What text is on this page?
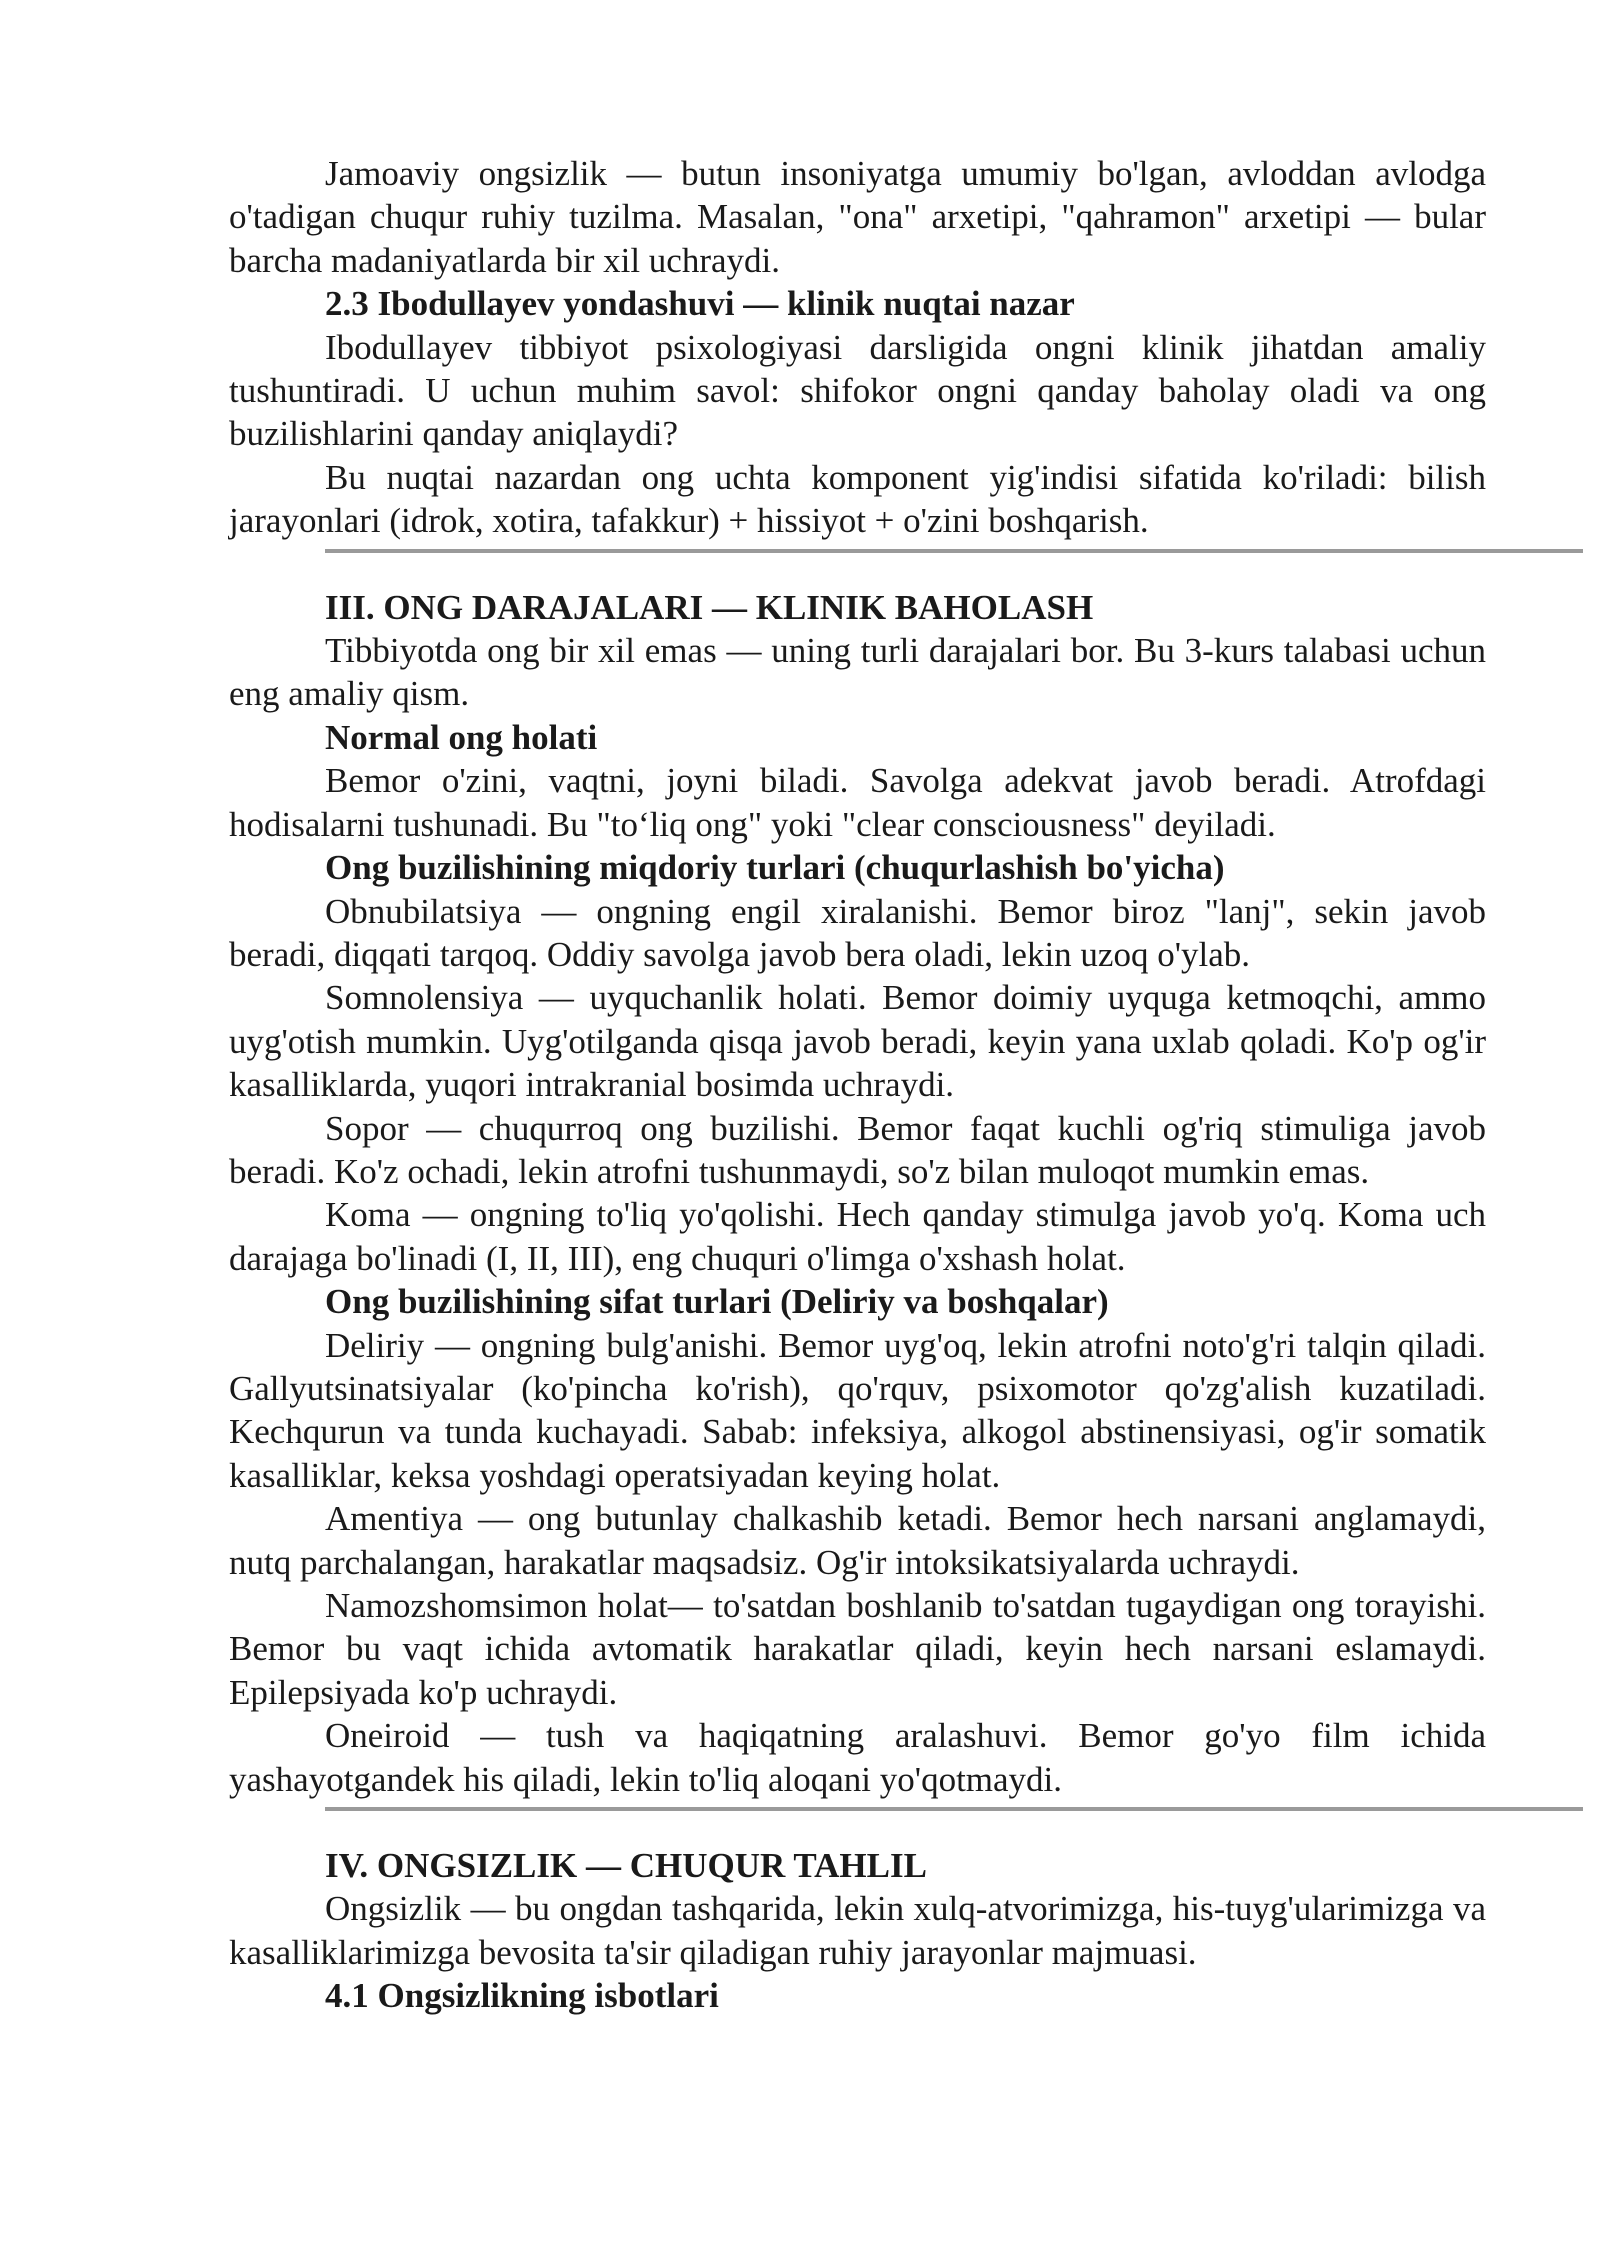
Jamoaviy ongsizlik — butun insoniyatga umumiy bo'lgan, avloddan avlodga o'tadigan chuqur ruhiy tuzilma. Masalan, "ona" arxetipi, "qahramon" arxetipi — bular barcha madaniyatlarda bir xil uchraydi.

2.3 Ibodullayev yondashuvi — klinik nuqtai nazar

Ibodullayev tibbiyot psixologiyasi darsligida ongni klinik jihatdan amaliy tushuntiradi. U uchun muhim savol: shifokor ongni qanday baholay oladi va ong buzilishlarini qanday aniqlaydi?

Bu nuqtai nazardan ong uchta komponent yig'indisi sifatida ko'riladi: bilish jarayonlari (idrok, xotira, tafakkur) + hissiyot + o'zini boshqarish.

III. ONG DARAJALARI — KLINIK BAHOLASH

Tibbiyotda ong bir xil emas — uning turli darajalari bor. Bu 3-kurs talabasi uchun eng amaliy qism.

Normal ong holati

Bemor o'zini, vaqtni, joyni biladi. Savolga adekvat javob beradi. Atrofdagi hodisalarni tushunadi. Bu "to‘liq ong" yoki "clear consciousness" deyiladi.

Ong buzilishining miqdoriy turlari (chuqurlashish bo'yicha)

Obnubilatsiya — ongning engil xiralanishi. Bemor biroz "lanj", sekin javob beradi, diqqati tarqoq. Oddiy savolga javob bera oladi, lekin uzoq o'ylab.

Somnolensiya — uyquchanlik holati. Bemor doimiy uyquga ketmoqchi, ammo uyg'otish mumkin. Uyg'otilganda qisqa javob beradi, keyin yana uxlab qoladi. Ko'p og'ir kasalliklarda, yuqori intrakranial bosimda uchraydi.

Sopor — chuqurroq ong buzilishi. Bemor faqat kuchli og'riq stimuliga javob beradi. Ko'z ochadi, lekin atrofni tushunmaydi, so'z bilan muloqot mumkin emas.

Koma — ongning to'liq yo'qolishi. Hech qanday stimulga javob yo'q. Koma uch darajaga bo'linadi (I, II, III), eng chuquri o'limga o'xshash holat.

Ong buzilishining sifat turlari (Deliriy va boshqalar)

Deliriy — ongning bulg'anishi. Bemor uyg'oq, lekin atrofni noto'g'ri talqin qiladi. Gallyutsinatsiyalar (ko'pincha ko'rish), qo'rquv, psixomotor qo'zg'alish kuzatiladi. Kechqurun va tunda kuchayadi. Sabab: infeksiya, alkogol abstinensiyasi, og'ir somatik kasalliklar, keksa yoshdagi operatsiyadan keying holat.

Amentiya — ong butunlay chalkashib ketadi. Bemor hech narsani anglamaydi, nutq parchalangan, harakatlar maqsadsiz. Og'ir intoksikatsiyalarda uchraydi.

Namozshomsimon holat— to'satdan boshlanib to'satdan tugaydigan ong torayishi. Bemor bu vaqt ichida avtomatik harakatlar qiladi, keyin hech narsani eslamaydi. Epilepsiyada ko'p uchraydi.

Oneiroid — tush va haqiqatning aralashuvi. Bemor go'yo film ichida yashayotgandek his qiladi, lekin to'liq aloqani yo'qotmaydi.

IV. ONGSIZLIK — CHUQUR TAHLIL

Ongsizlik — bu ongdan tashqarida, lekin xulq-atvorimizga, his-tuyg'ularimizga va kasalliklarimizga bevosita ta'sir qiladigan ruhiy jarayonlar majmuasi.

4.1 Ongsizlikning isbotlari
